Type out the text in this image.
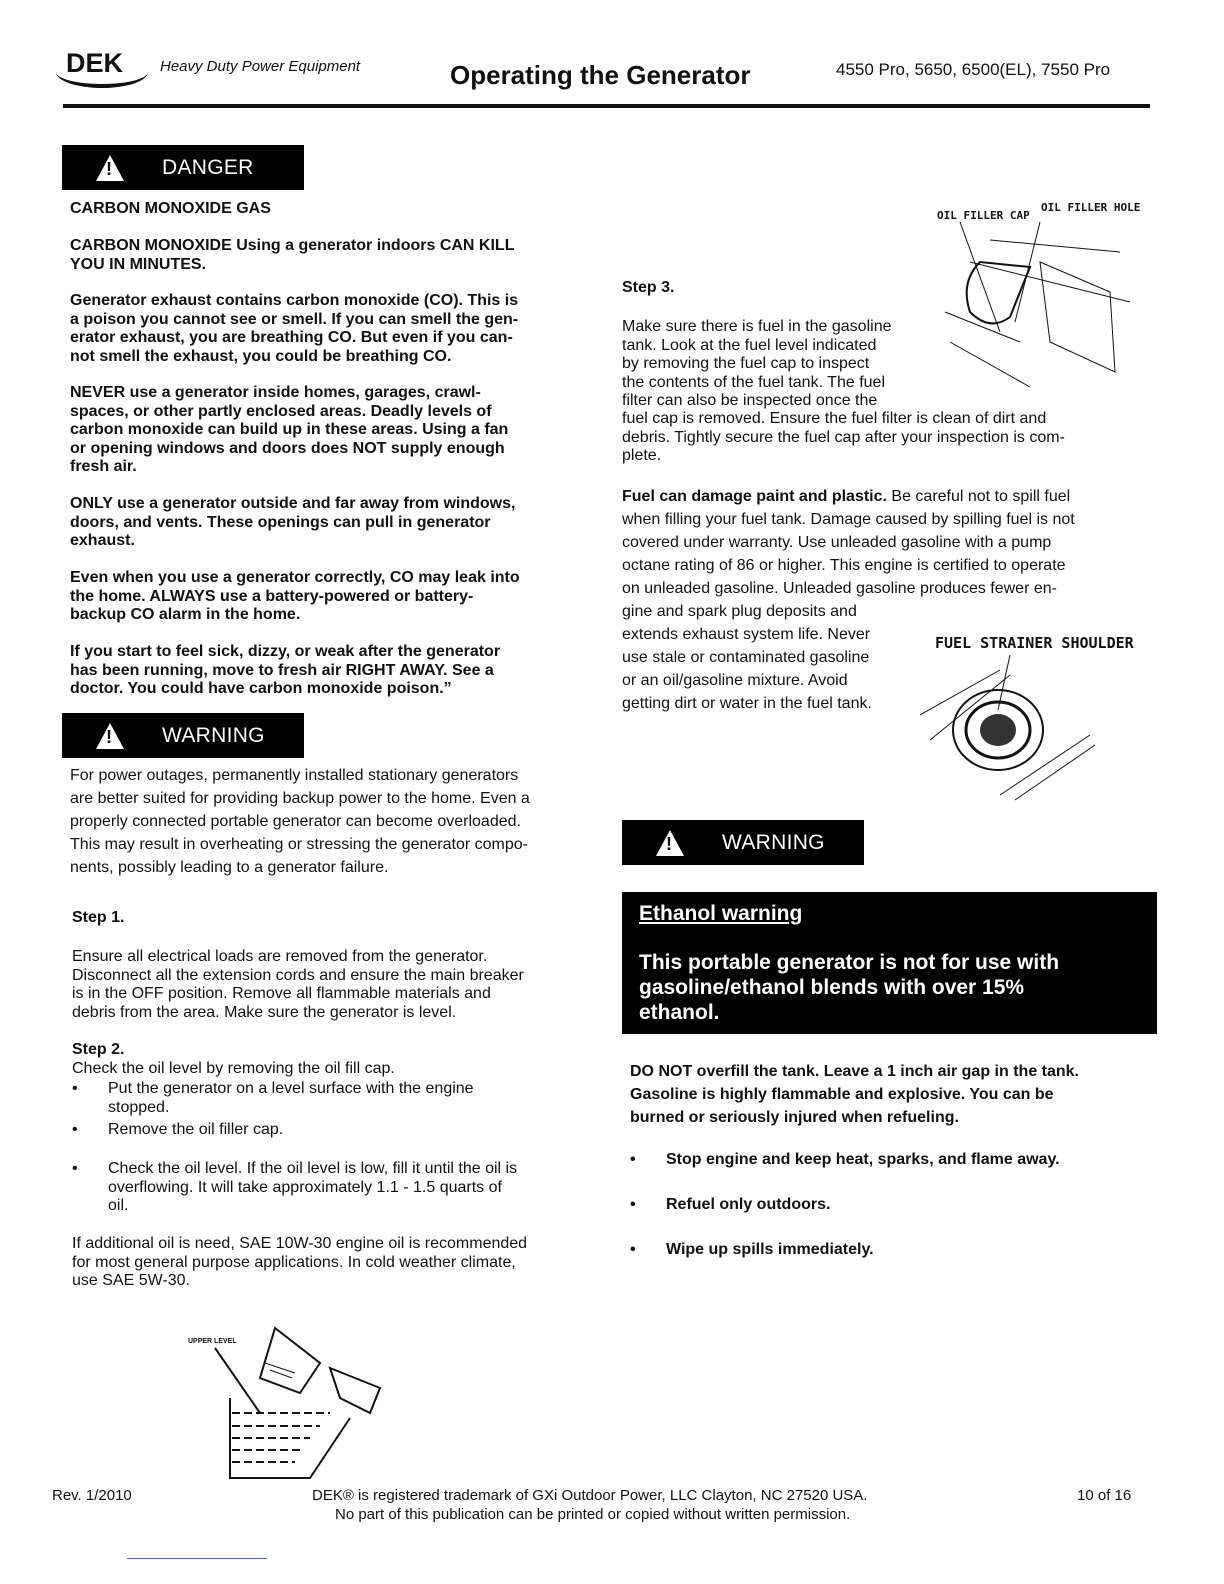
DEK Heavy Duty Power Equipment	Operating the Generator	4550 Pro, 5650, 6500(EL), 7550 Pro
! DANGER
CARBON MONOXIDE GAS
CARBON MONOXIDE Using a generator indoors CAN KILL
YOU IN MINUTES.
Generator exhaust contains carbon monoxide (CO). This is
a poison you cannot see or smell. If you can smell the gen-
erator exhaust, you are breathing CO. But even if you can-
not smell the exhaust, you could be breathing CO.
NEVER use a generator inside homes, garages, crawl-
spaces, or other partly enclosed areas. Deadly levels of
carbon monoxide can build up in these areas. Using a fan
or opening windows and doors does NOT supply enough
fresh air.
ONLY use a generator outside and far away from windows,
doors, and vents. These openings can pull in generator
exhaust.
Even when you use a generator correctly, CO may leak into
the home. ALWAYS use a battery-powered or battery-
backup CO alarm in the home.
If you start to feel sick, dizzy, or weak after the generator
has been running, move to fresh air RIGHT AWAY. See a
doctor. You could have carbon monoxide poison.”
! WARNING
For power outages, permanently installed stationary generators
are better suited for providing backup power to the home. Even a
properly connected portable generator can become overloaded.
This may result in overheating or stressing the generator compo-
nents, possibly leading to a generator failure.
Step 1.
Ensure all electrical loads are removed from the generator.
Disconnect all the extension cords and ensure the main breaker
is in the OFF position. Remove all flammable materials and
debris from the area. Make sure the generator is level.
Step 2.
Check the oil level by removing the oil fill cap.
• Put the generator on a level surface with the engine
stopped.
• Remove the oil filler cap.
• Check the oil level. If the oil level is low, fill it until the oil is
overflowing. It will take approximately 1.1 - 1.5 quarts of
oil.
If additional oil is need, SAE 10W-30 engine oil is recommended
for most general purpose applications. In cold weather climate,
use SAE 5W-30.
UPPER LEVEL
OIL FILLER CAP
OIL FILLER HOLE
Step 3.
Make sure there is fuel in the gasoline
tank. Look at the fuel level indicated
by removing the fuel cap to inspect
the contents of the fuel tank. The fuel
filter can also be inspected once the
fuel cap is removed. Ensure the fuel filter is clean of dirt and
debris. Tightly secure the fuel cap after your inspection is com-
plete.
Fuel can damage paint and plastic. Be careful not to spill fuel
when filling your fuel tank. Damage caused by spilling fuel is not
covered under warranty. Use unleaded gasoline with a pump
octane rating of 86 or higher. This engine is certified to operate
on unleaded gasoline. Unleaded gasoline produces fewer en-
gine and spark plug deposits and
extends exhaust system life. Never
use stale or contaminated gasoline
or an oil/gasoline mixture. Avoid
getting dirt or water in the fuel tank.
FUEL STRAINER SHOULDER
! WARNING
Ethanol warning
This portable generator is not for use with
gasoline/ethanol blends with over 15%
ethanol.
DO NOT overfill the tank. Leave a 1 inch air gap in the tank.
Gasoline is highly flammable and explosive. You can be
burned or seriously injured when refueling.
• Stop engine and keep heat, sparks, and flame away.
• Refuel only outdoors.
• Wipe up spills immediately.
Rev. 1/2010	DEK® is registered trademark of GXi Outdoor Power, LLC Clayton, NC 27520 USA.
No part of this publication can be printed or copied without written permission.
10 of 16
